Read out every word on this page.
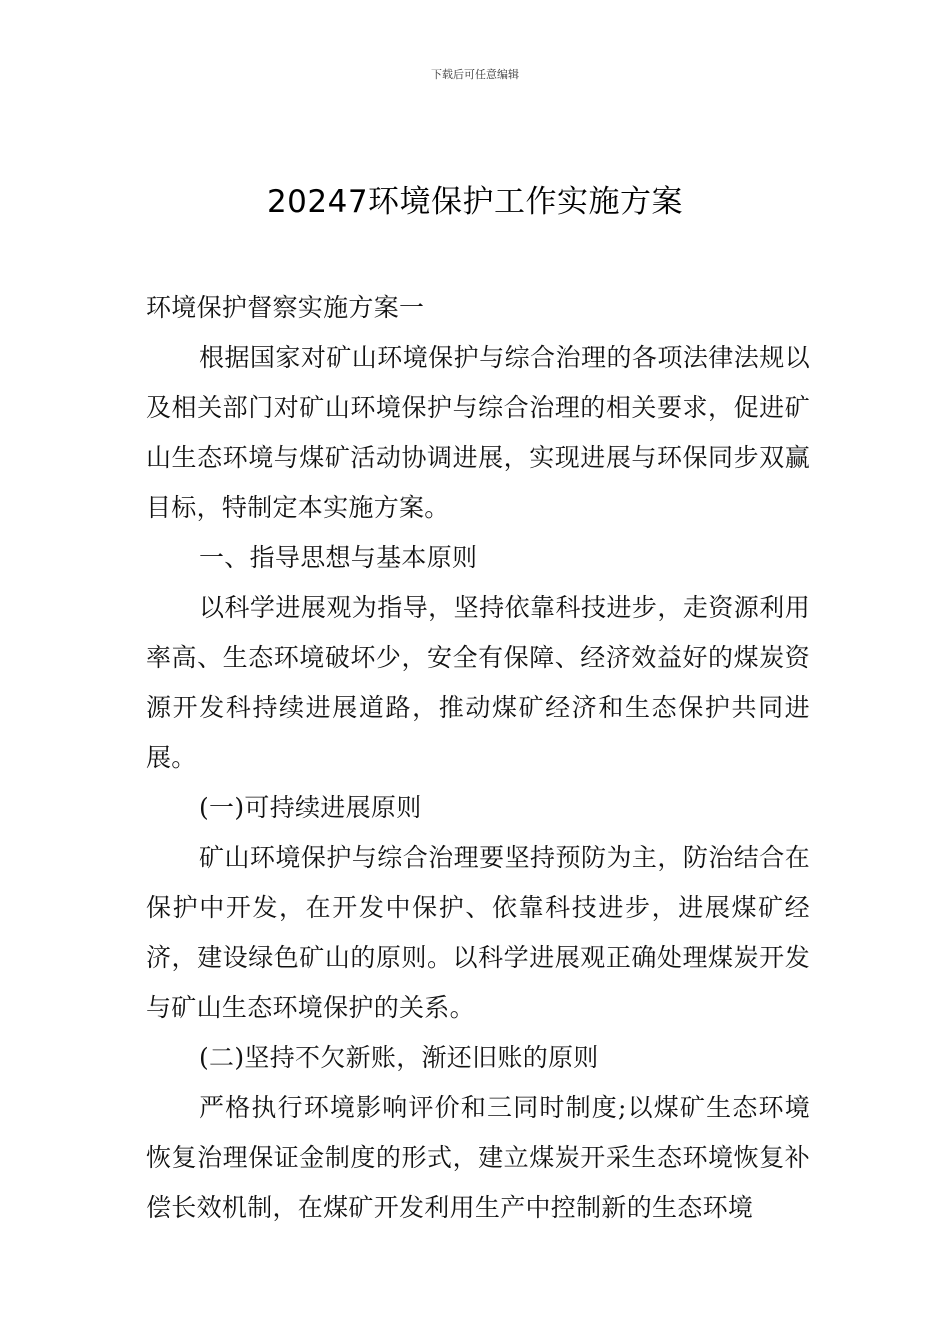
下载后可任意编辑
20247环境保护工作实施方案

环境保护督察实施方案一

根据国家对矿山环境保护与综合治理的各项法律法规以及相关部门对矿山环境保护与综合治理的相关要求，促进矿山生态环境与煤矿活动协调进展，实现进展与环保同步双赢目标，特制定本实施方案。

一、指导思想与基本原则

以科学进展观为指导，坚持依靠科技进步，走资源利用率高、生态环境破坏少，安全有保障、经济效益好的煤炭资源开发科持续进展道路，推动煤矿经济和生态保护共同进展。

(一)可持续进展原则

矿山环境保护与综合治理要坚持预防为主，防治结合在保护中开发，在开发中保护、依靠科技进步，进展煤矿经济，建设绿色矿山的原则。以科学进展观正确处理煤炭开发与矿山生态环境保护的关系。

(二)坚持不欠新账，渐还旧账的原则

严格执行环境影响评价和三同时制度;以煤矿生态环境恢复治理保证金制度的形式，建立煤炭开采生态环境恢复补偿长效机制，在煤矿开发利用生产中控制新的生态环境
